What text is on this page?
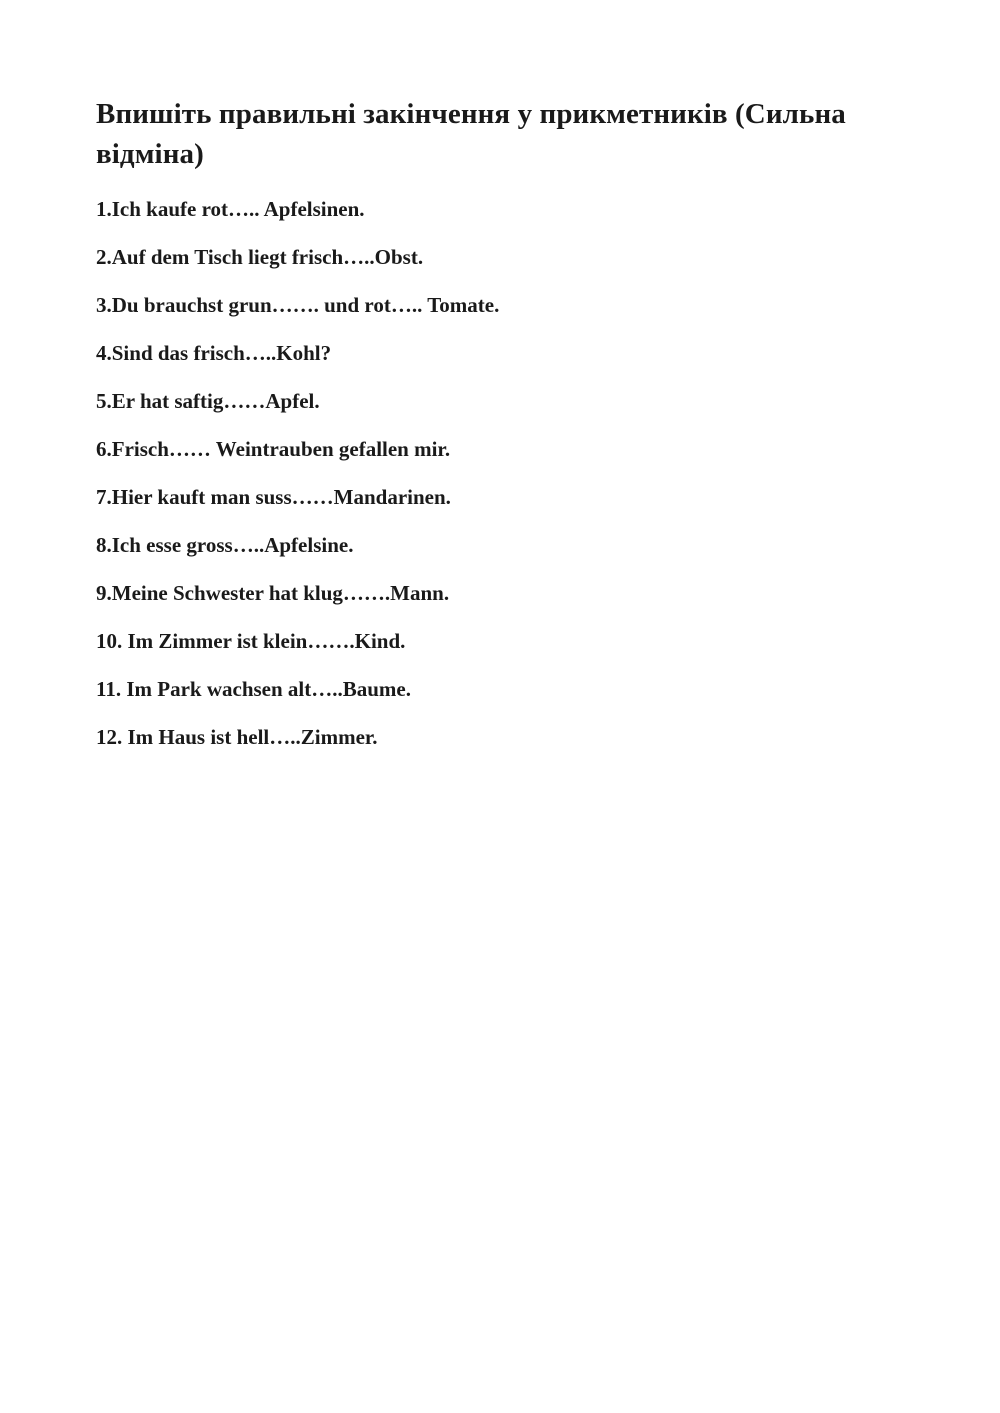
Впишіть правильні закінчення у прикметників (Сильна відміна)
1.Ich kaufe rot….. Apfelsinen.
2.Auf dem Tisch liegt frisch…..Obst.
3.Du brauchst grun……. und rot….. Tomate.
4.Sind das frisch…..Kohl?
5.Er hat saftig……Apfel.
6.Frisch…… Weintrauben gefallen mir.
7.Hier kauft man suss……Mandarinen.
8.Ich esse gross…..Apfelsine.
9.Meine Schwester hat klug…….Mann.
10. Im Zimmer ist klein…….Kind.
11. Im Park wachsen alt…..Baume.
12. Im Haus ist hell…..Zimmer.
